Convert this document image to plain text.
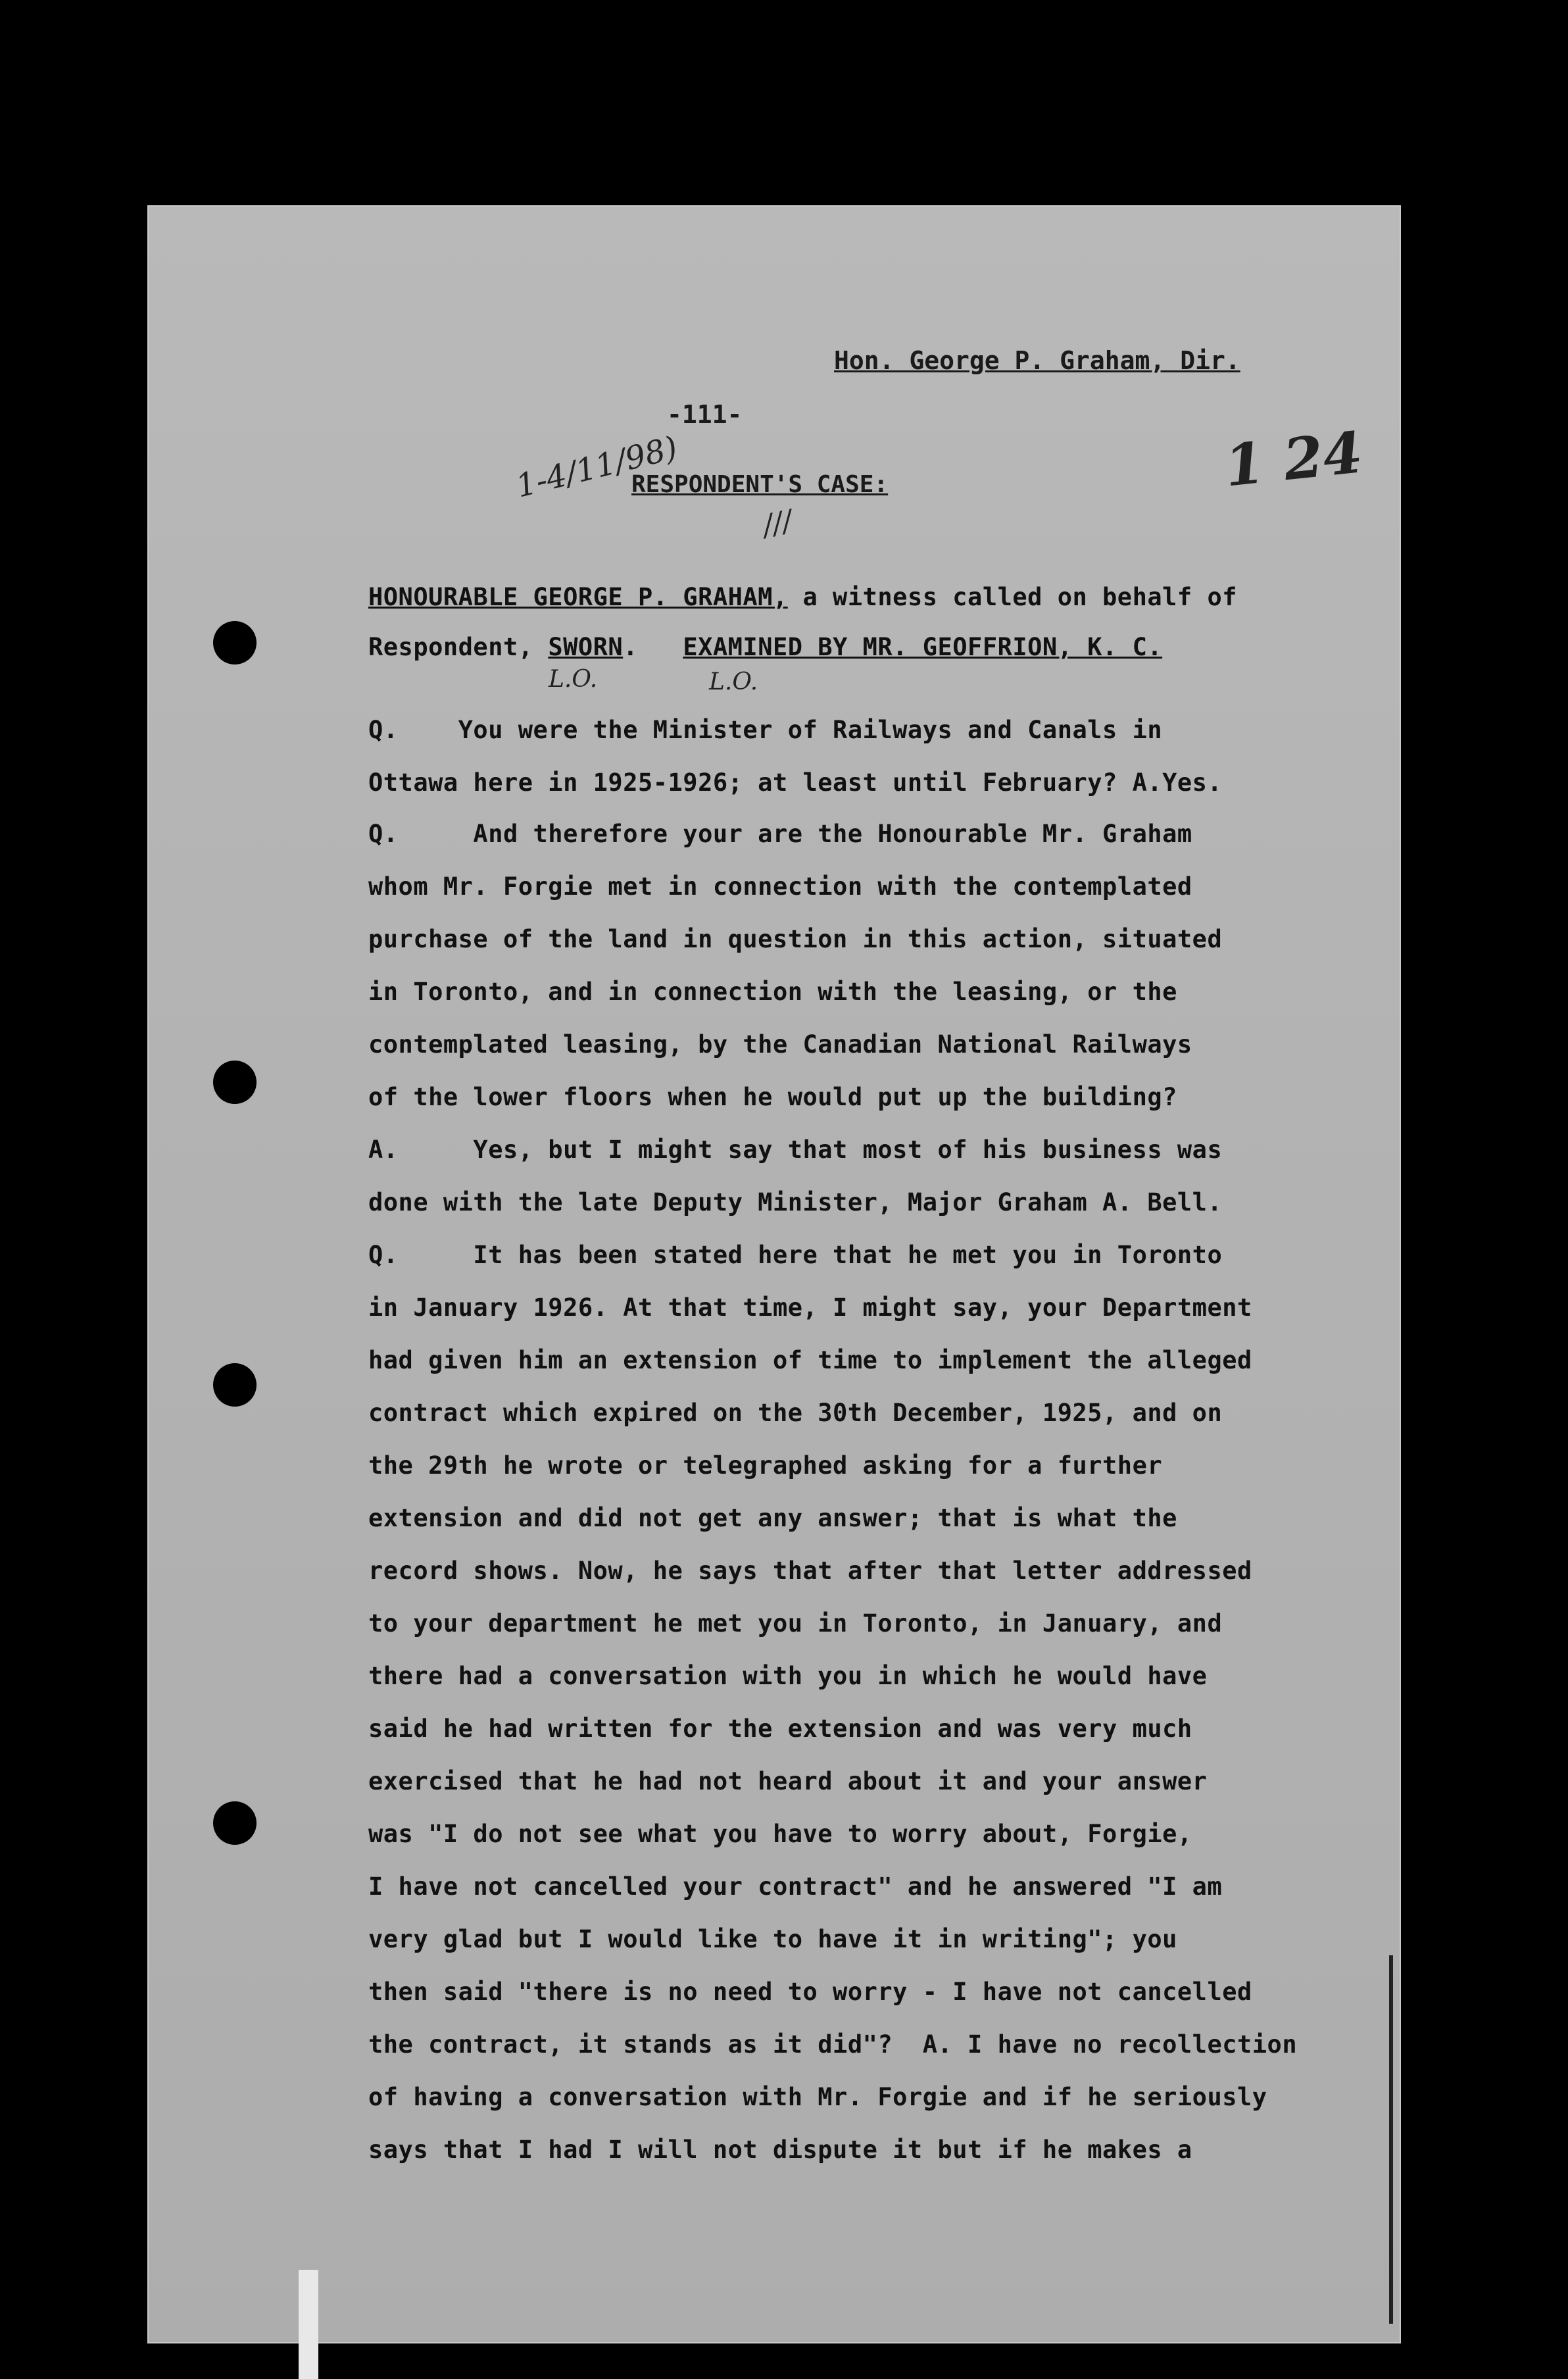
Hon. George P. Graham, Dir.
-111-
1-4/11/98)	1 24
RESPONDENT'S CASE:
///
HONOURABLE GEORGE P. GRAHAM, a witness called on behalf of
Respondent, SWORN.   EXAMINED BY MR. GEOFFRION, K. C.
L.O.	L.O.
Q.    You were the Minister of Railways and Canals in
Ottawa here in 1925-1926; at least until February? A.Yes.
Q.     And therefore your are the Honourable Mr. Graham
whom Mr. Forgie met in connection with the contemplated
purchase of the land in question in this action, situated
in Toronto, and in connection with the leasing, or the
contemplated leasing, by the Canadian National Railways
of the lower floors when he would put up the building?
A.     Yes, but I might say that most of his business was
done with the late Deputy Minister, Major Graham A. Bell.
Q.     It has been stated here that he met you in Toronto
in January 1926. At that time, I might say, your Department
had given him an extension of time to implement the alleged
contract which expired on the 30th December, 1925, and on
the 29th he wrote or telegraphed asking for a further
extension and did not get any answer; that is what the
record shows. Now, he says that after that letter addressed
to your department he met you in Toronto, in January, and
there had a conversation with you in which he would have
said he had written for the extension and was very much
exercised that he had not heard about it and your answer
was "I do not see what you have to worry about, Forgie,
I have not cancelled your contract" and he answered "I am
very glad but I would like to have it in writing"; you
then said "there is no need to worry - I have not cancelled
the contract, it stands as it did"?  A. I have no recollection
of having a conversation with Mr. Forgie and if he seriously
says that I had I will not dispute it but if he makes a
